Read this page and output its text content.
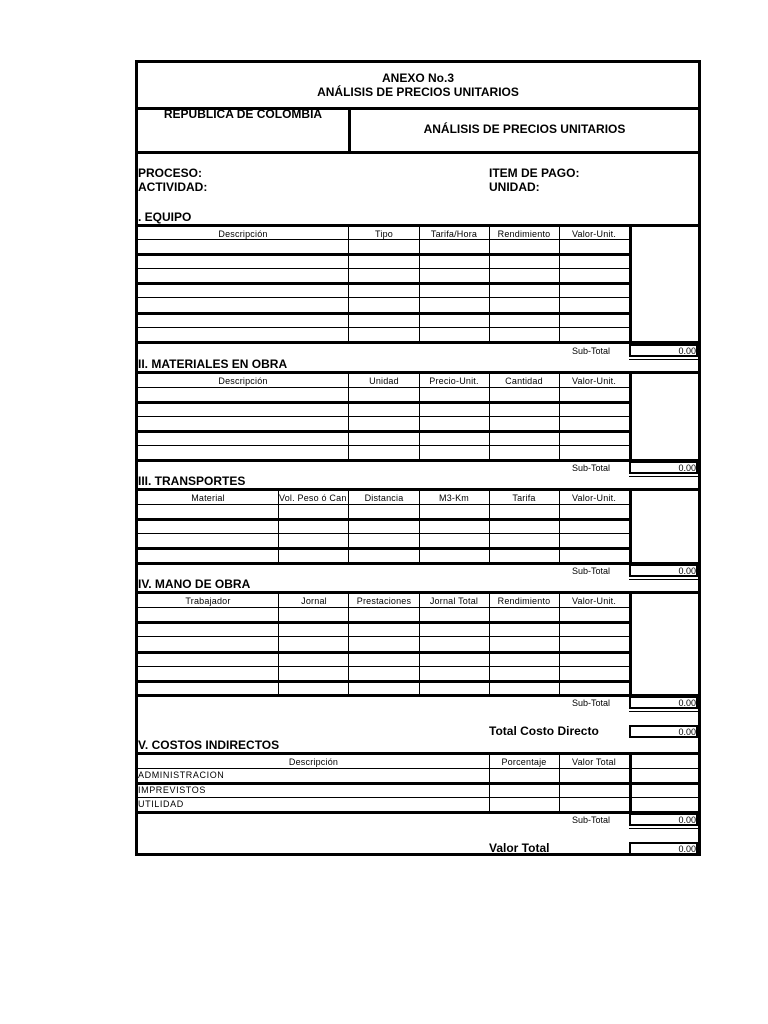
ANEXO No.3
ANÁLISIS DE PRECIOS UNITARIOS
REPUBLICA DE COLOMBIA
ANÁLISIS DE PRECIOS UNITARIOS
PROCESO:
ACTIVIDAD:
ITEM DE PAGO:
UNIDAD:
. EQUIPO
Descripción	Tipo	Tarifa/Hora	Rendimiento	Valor-Unit.
Sub-Total	0.00
II. MATERIALES EN OBRA
Descripción	Unidad	Precio-Unit.	Cantidad	Valor-Unit.
Sub-Total	0.00
III. TRANSPORTES
Material	Vol. Peso ó Can	Distancia	M3-Km	Tarifa	Valor-Unit.
Sub-Total	0.00
IV. MANO DE OBRA
Trabajador	Jornal	Prestaciones	Jornal Total	Rendimiento	Valor-Unit.
Sub-Total	0.00
Total Costo Directo	0.00
V. COSTOS INDIRECTOS
Descripción	Porcentaje	Valor Total
ADMINISTRACION
IMPREVISTOS
UTILIDAD
Sub-Total	0.00
Valor Total	0.00
